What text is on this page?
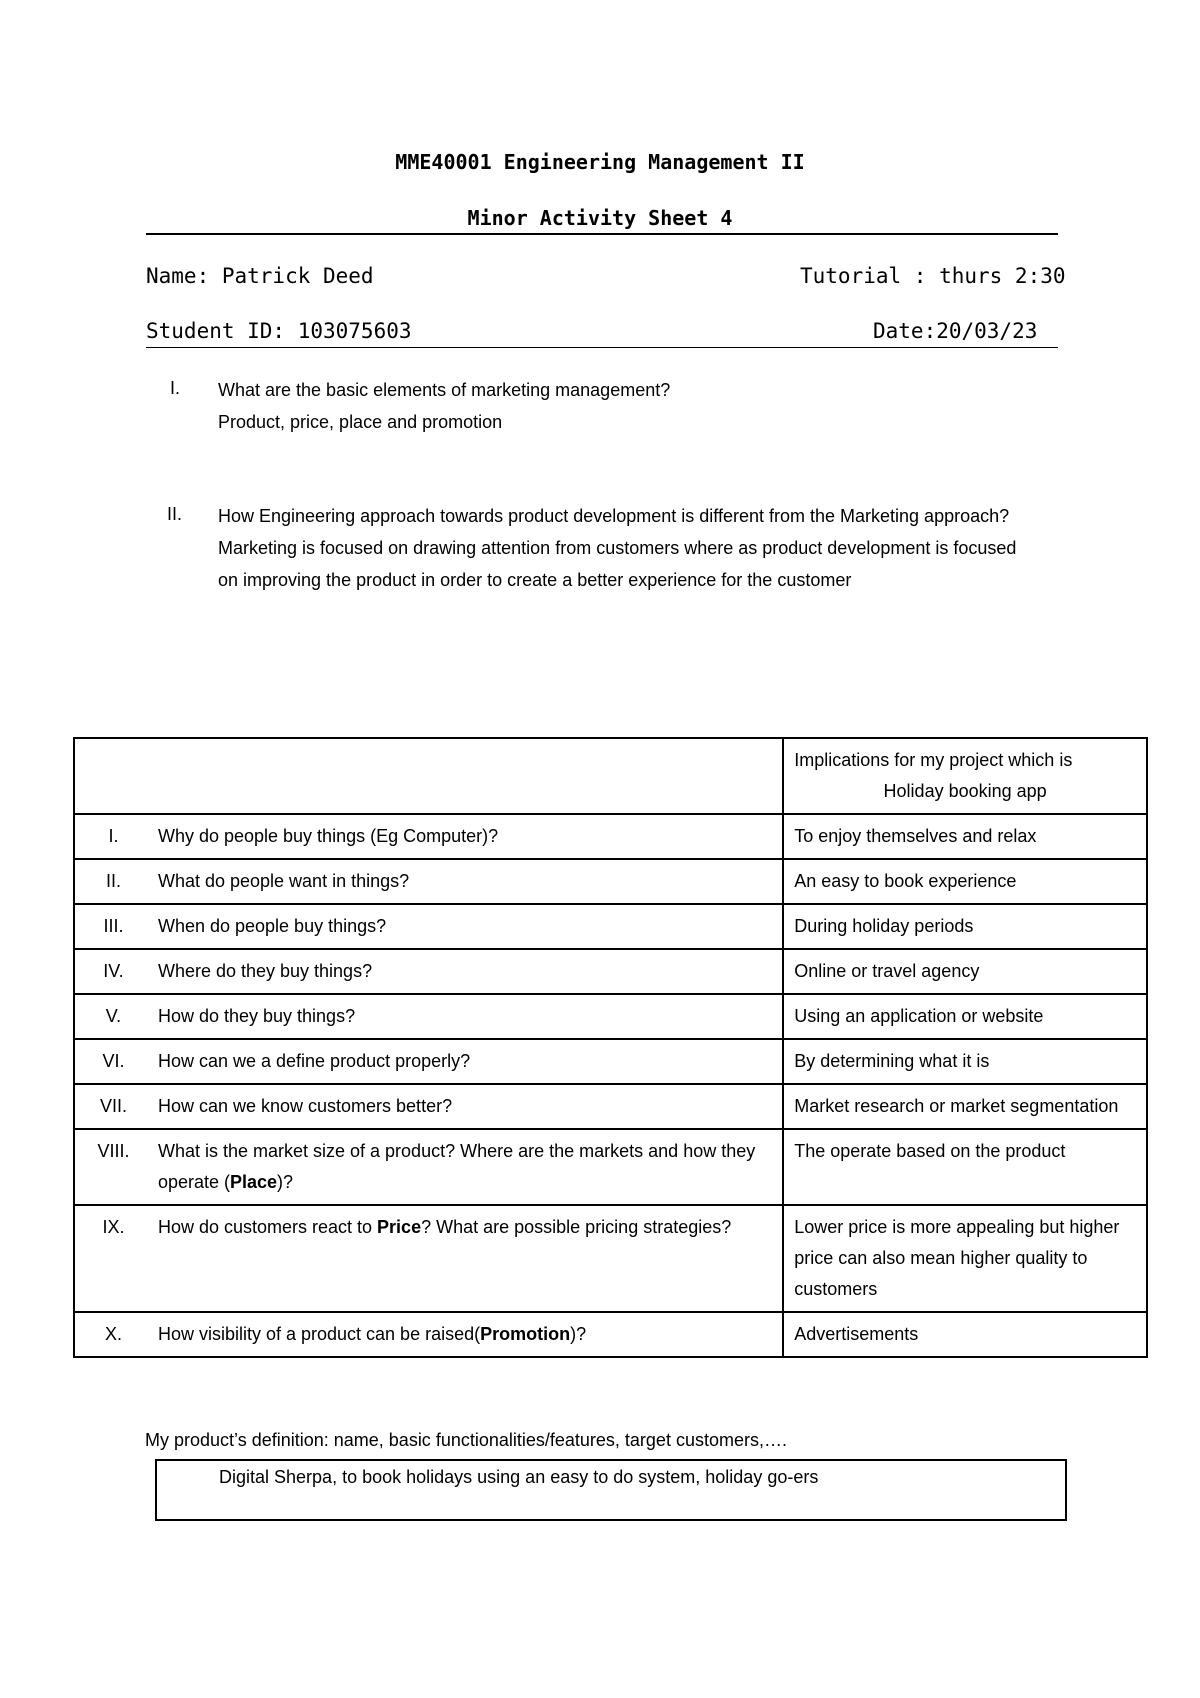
MME40001 Engineering Management II
Minor Activity Sheet 4
Name: Patrick Deed	Tutorial : thurs 2:30
Student ID: 103075603	Date:20/03/23
I. What are the basic elements of marketing management?
Product, price, place and promotion
II. How Engineering approach towards product development is different from the Marketing approach?
Marketing is focused on drawing attention from customers where as product development is focused on improving the product in order to create a better experience for the customer

		Implications for my project which is
Holiday booking app

I.	Why do people buy things (Eg Computer)?	To enjoy themselves and relax
II.	What do people want in things?	An easy to book experience
III.	When do people buy things?	During holiday periods
IV.	Where do they buy things?	Online or travel agency
V.	How do they buy things?	Using an application or website
VI.	How can we a define product properly?	By determining what it is
VII.	How can we know customers better?	Market research or market segmentation
VIII.	What is the market size of a product? Where are the markets and how they operate (Place)?	The operate based on the product
IX.	How do customers react to Price? What are possible pricing strategies?	Lower price is more appealing but higher price can also mean higher quality to customers
X.	How visibility of a product can be raised(Promotion)?	Advertisements
My product’s definition: name, basic functionalities/features, target customers,….
Digital Sherpa, to book holidays using an easy to do system, holiday go-ers
